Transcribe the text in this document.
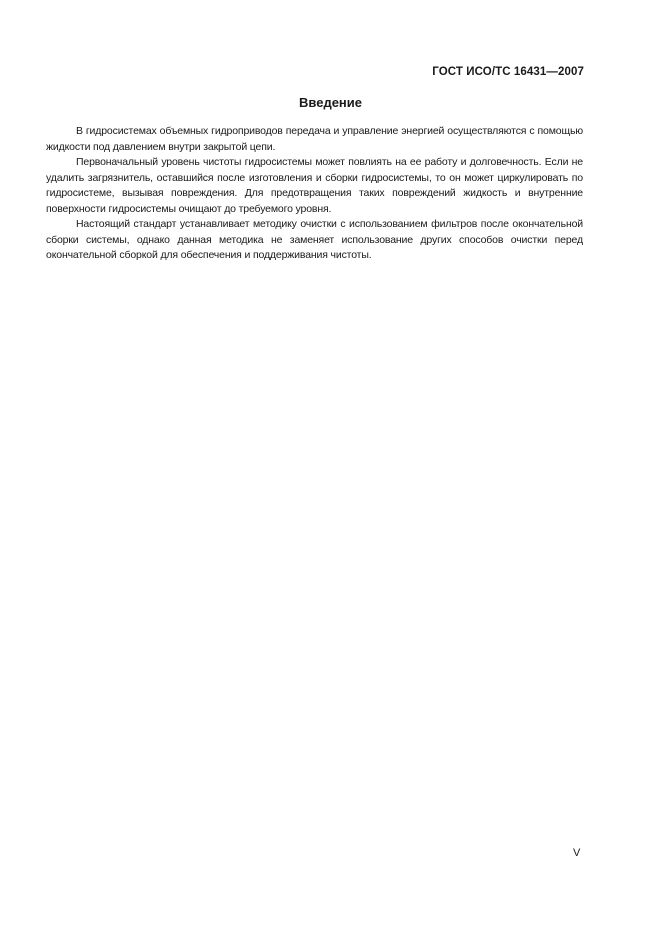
ГОСТ ИСО/ТС 16431—2007
Введение

В гидросистемах объемных гидроприводов передача и управление энергией осуществляются с помощью жидкости под давлением внутри закрытой цепи.

Первоначальный уровень чистоты гидросистемы может повлиять на ее работу и долговечность. Если не удалить загрязнитель, оставшийся после изготовления и сборки гидросистемы, то он может циркулировать по гидросистеме, вызывая повреждения. Для предотвращения таких повреждений жидкость и внутренние поверхности гидросистемы очищают до требуемого уровня.

Настоящий стандарт устанавливает методику очистки с использованием фильтров после окончательной сборки системы, однако данная методика не заменяет использование других способов очистки перед окончательной сборкой для обеспечения и поддерживания чистоты.

V
